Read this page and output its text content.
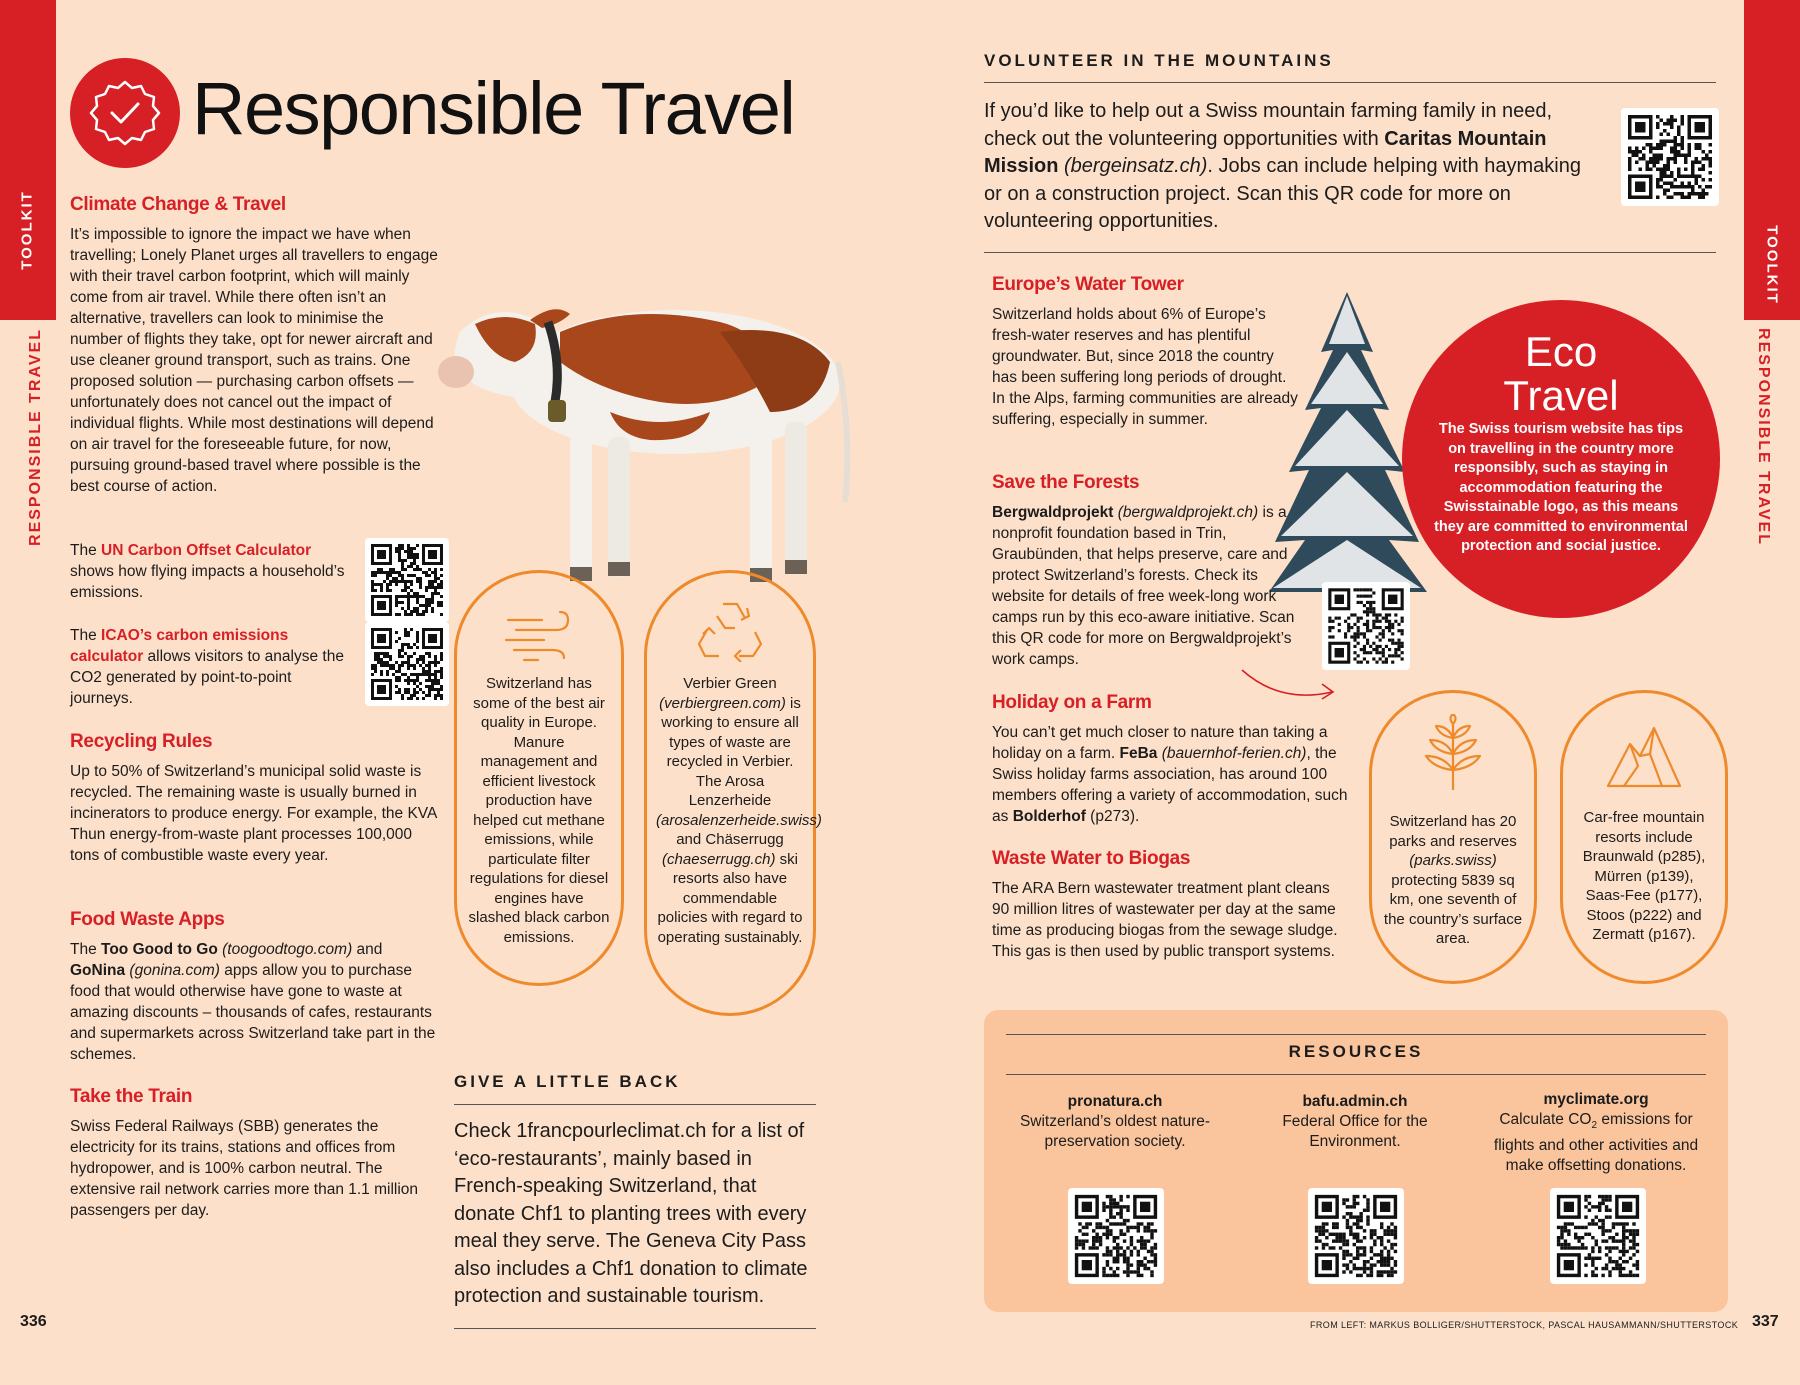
TOOLKIT
RESPONSIBLE TRAVEL
Responsible Travel
Climate Change & Travel
It’s impossible to ignore the impact we have when travelling; Lonely Planet urges all travellers to engage with their travel carbon footprint, which will mainly come from air travel. While there often isn’t an alternative, travellers can look to minimise the number of flights they take, opt for newer aircraft and use cleaner ground transport, such as trains. One proposed solution — purchasing carbon offsets — unfortunately does not cancel out the impact of individual flights. While most destinations will depend on air travel for the foreseeable future, for now, pursuing ground-based travel where possible is the best course of action.
The UN Carbon Offset Calculator shows how flying impacts a household’s emissions.
The ICAO’s carbon emissions calculator allows visitors to analyse the CO2 generated by point-to-point journeys.
Recycling Rules
Up to 50% of Switzerland’s municipal solid waste is recycled. The remaining waste is usually burned in incinerators to produce energy. For example, the KVA Thun energy-from-waste plant processes 100,000 tons of combustible waste every year.
Food Waste Apps
The Too Good to Go (toogoodtogo.com) and GoNina (gonina.com) apps allow you to purchase food that would otherwise have gone to waste at amazing discounts – thousands of cafes, restaurants and supermarkets across Switzerland take part in the schemes.
Take the Train
Swiss Federal Railways (SBB) generates the electricity for its trains, stations and offices from hydropower, and is 100% carbon neutral. The extensive rail network carries more than 1.1 million passengers per day.
Switzerland has some of the best air quality in Europe. Manure management and efficient livestock production have helped cut methane emissions, while particulate filter regulations for diesel engines have slashed black carbon emissions.
Verbier Green (verbiergreen.com) is working to ensure all types of waste are recycled in Verbier. The Arosa Lenzerheide (arosalenzerheide.swiss) and Chäserrugg (chaeserrugg.ch) ski resorts also have commendable policies with regard to operating sustainably.
GIVE A LITTLE BACK
Check 1francpourleclimat.ch for a list of ‘eco-restaurants’, mainly based in French-speaking Switzerland, that donate Chf1 to planting trees with every meal they serve. The Geneva City Pass also includes a Chf1 donation to climate protection and sustainable tourism.
336
TOOLKIT
RESPONSIBLE TRAVEL
VOLUNTEER IN THE MOUNTAINS
If you’d like to help out a Swiss mountain farming family in need, check out the volunteering opportunities with Caritas Mountain Mission (bergeinsatz.ch). Jobs can include helping with haymaking or on a construction project. Scan this QR code for more on volunteering opportunities.
Europe’s Water Tower
Switzerland holds about 6% of Europe’s fresh-water reserves and has plentiful groundwater. But, since 2018 the country has been suffering long periods of drought. In the Alps, farming communities are already suffering, especially in summer.
Save the Forests
Bergwaldprojekt (bergwaldprojekt.ch) is a nonprofit foundation based in Trin, Graubünden, that helps preserve, care and protect Switzerland’s forests. Check its website for details of free week-long work camps run by this eco-aware initiative. Scan this QR code for more on Bergwaldprojekt’s work camps.
Holiday on a Farm
You can’t get much closer to nature than taking a holiday on a farm. FeBa (bauernhof-ferien.ch), the Swiss holiday farms association, has around 100 members offering a variety of accommodation, such as Bolderhof (p273).
Waste Water to Biogas
The ARA Bern wastewater treatment plant cleans 90 million litres of wastewater per day at the same time as producing biogas from the sewage sludge. This gas is then used by public transport systems.
Eco
Travel
The Swiss tourism website has tips on travelling in the country more responsibly, such as staying in accommodation featuring the Swisstainable logo, as this means they are committed to environmental protection and social justice.
Switzerland has 20 parks and reserves (parks.swiss) protecting 5839 sq km, one seventh of the country’s surface area.
Car-free mountain resorts include Braunwald (p285), Mürren (p139), Saas-Fee (p177), Stoos (p222) and Zermatt (p167).
RESOURCES
pronatura.ch
Switzerland’s oldest nature-preservation society.
bafu.admin.ch
Federal Office for the Environment.
myclimate.org
Calculate $CO_2$ emissions for flights and other activities and make offsetting donations.
FROM LEFT: MARKUS BOLLIGER/SHUTTERSTOCK, PASCAL HAUSAMMANN/SHUTTERSTOCK 337
